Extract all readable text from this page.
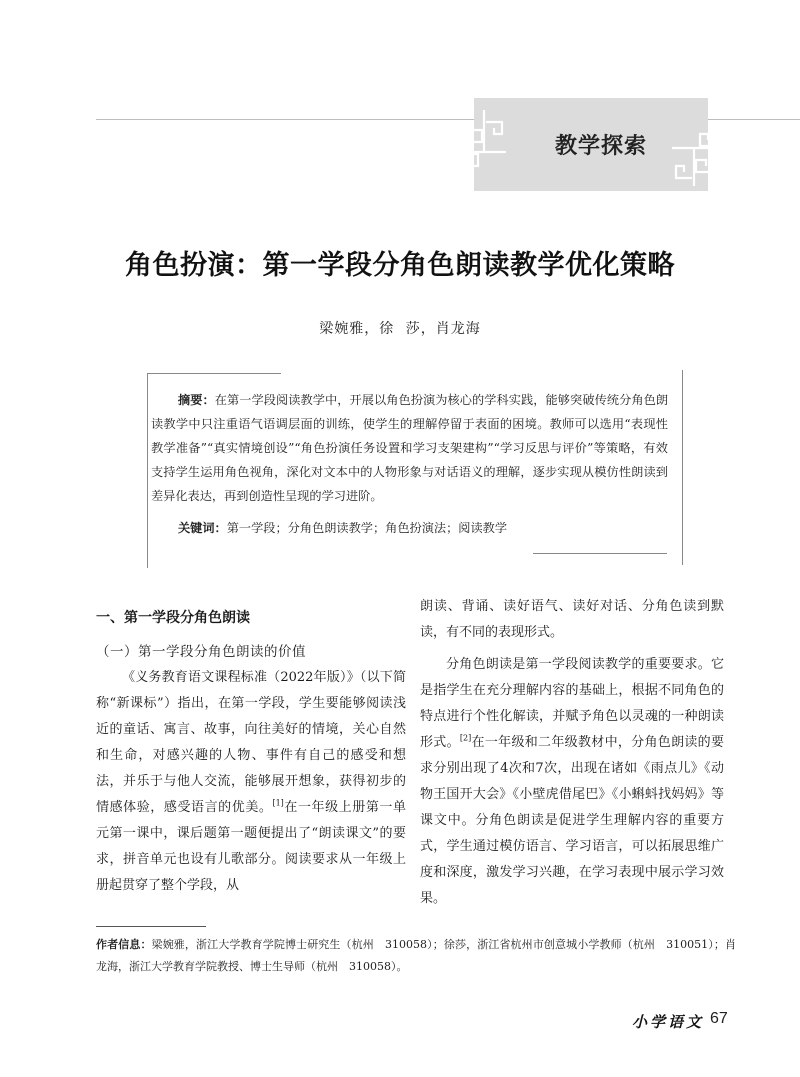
教学探索
角色扮演：第一学段分角色朗读教学优化策略
梁婉雅，徐 莎，肖龙海
摘要：在第一学段阅读教学中，开展以角色扮演为核心的学科实践，能够突破传统分角色朗读教学中只注重语气语调层面的训练，使学生的理解停留于表面的困境。教师可以选用“表现性教学准备”“真实情境创设”“角色扮演任务设置和学习支架建构”“学习反思与评价”等策略，有效支持学生运用角色视角，深化对文本中的人物形象与对话语义的理解，逐步实现从模仿性朗读到差异化表达，再到创造性呈现的学习进阶。
关键词：第一学段；分角色朗读教学；角色扮演法；阅读教学
一、第一学段分角色朗读
（一）第一学段分角色朗读的价值

《义务教育语文课程标准（2022年版）》（以下简称“新课标”）指出，在第一学段，学生要能够阅读浅近的童话、寓言、故事，向往美好的情境，关心自然和生命，对感兴趣的人物、事件有自己的感受和想法，并乐于与他人交流，能够展开想象，获得初步的情感体验，感受语言的优美。[1]在一年级上册第一单元第一课中，课后题第一题便提出了“朗读课文”的要求，拼音单元也设有儿歌部分。阅读要求从一年级上册起贯穿了整个学段，从

朗读、背诵、读好语气、读好对话、分角色读到默读，有不同的表现形式。

分角色朗读是第一学段阅读教学的重要要求。它是指学生在充分理解内容的基础上，根据不同角色的特点进行个性化解读，并赋予角色以灵魂的一种朗读形式。[2]在一年级和二年级教材中，分角色朗读的要求分别出现了4次和7次，出现在诸如《雨点儿》《动物王国开大会》《小壁虎借尾巴》《小蝌蚪找妈妈》等课文中。分角色朗读是促进学生理解内容的重要方式，学生通过模仿语言、学习语言，可以拓展思维广度和深度，激发学习兴趣，在学习表现中展示学习效果。

作者信息：梁婉雅，浙江大学教育学院博士研究生（杭州　310058）；徐莎，浙江省杭州市创意城小学教师（杭州　310051）；肖龙海，浙江大学教育学院教授、博士生导师（杭州　310058）。
小学语文 67
